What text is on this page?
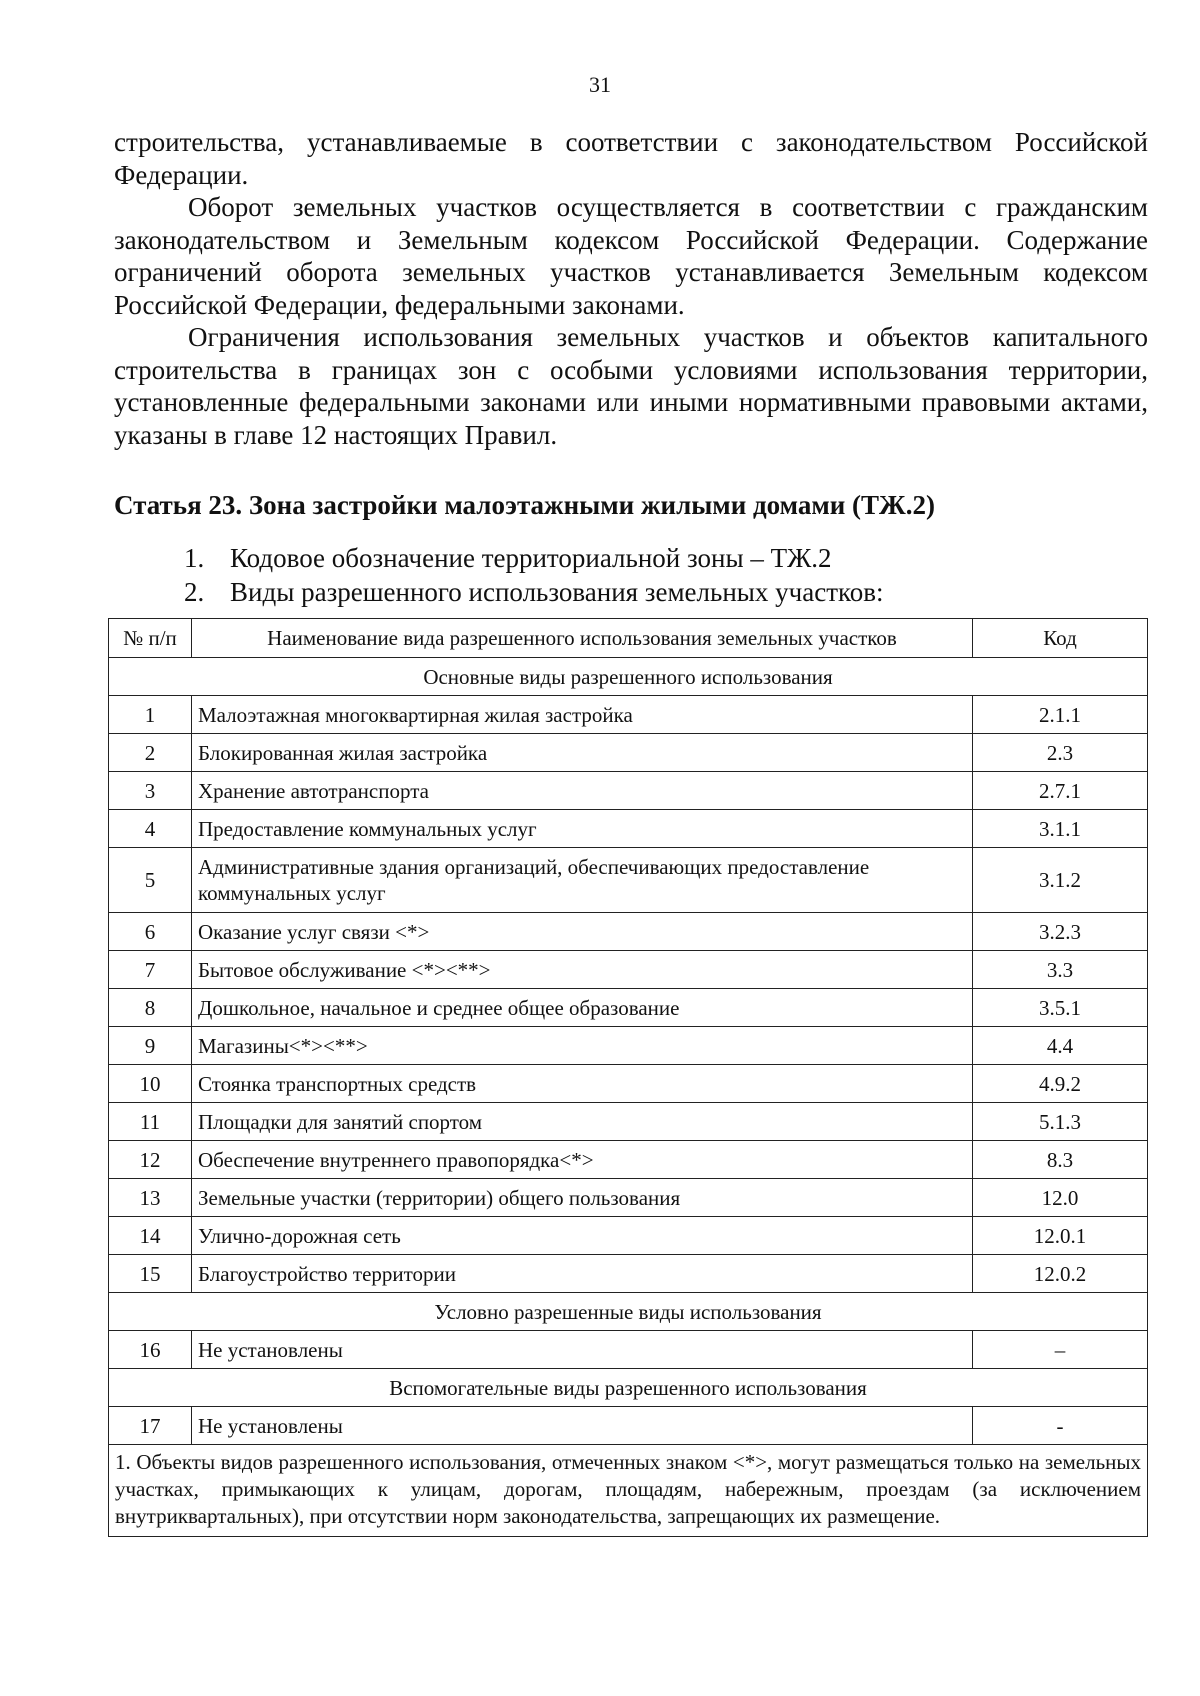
31

строительства, устанавливаемые в соответствии с законодательством Российской Федерации.

Оборот земельных участков осуществляется в соответствии с гражданским законодательством и Земельным кодексом Российской Федерации. Содержание ограничений оборота земельных участков устанавливается Земельным кодексом Российской Федерации, федеральными законами.

Ограничения использования земельных участков и объектов капитального строительства в границах зон с особыми условиями использования территории, установленные федеральными законами или иными нормативными правовыми актами, указаны в главе 12 настоящих Правил.

Статья 23. Зона застройки малоэтажными жилыми домами (ТЖ.2)
1. Кодовое обозначение территориальной зоны – ТЖ.2
2. Виды разрешенного использования земельных участков:
№ п/п	Наименование вида разрешенного использования земельных участков	Код
Основные виды разрешенного использования		
1	Малоэтажная многоквартирная жилая застройка	2.1.1
2	Блокированная жилая застройка	2.3
3	Хранение автотранспорта	2.7.1
4	Предоставление коммунальных услуг	3.1.1
5	Административные здания организаций, обеспечивающих предоставление коммунальных услуг	3.1.2
6	Оказание услуг связи <*>	3.2.3
7	Бытовое обслуживание <*><**>	3.3
8	Дошкольное, начальное и среднее общее образование	3.5.1
9	Магазины<*><**>	4.4
10	Стоянка транспортных средств	4.9.2
11	Площадки для занятий спортом	5.1.3
12	Обеспечение внутреннего правопорядка<*>	8.3
13	Земельные участки (территории) общего пользования	12.0
14	Улично-дорожная сеть	12.0.1
15	Благоустройство территории	12.0.2
Условно разрешенные виды использования		
16	Не установлены	–
Вспомогательные виды разрешенного использования		
17	Не установлены	-
1. Объекты видов разрешенного использования, отмеченных знаком <*>, могут размещаться только на земельных участках, примыкающих к улицам, дорогам, площадям, набережным, проездам (за исключением внутриквартальных), при отсутствии норм законодательства, запрещающих их размещение.		
